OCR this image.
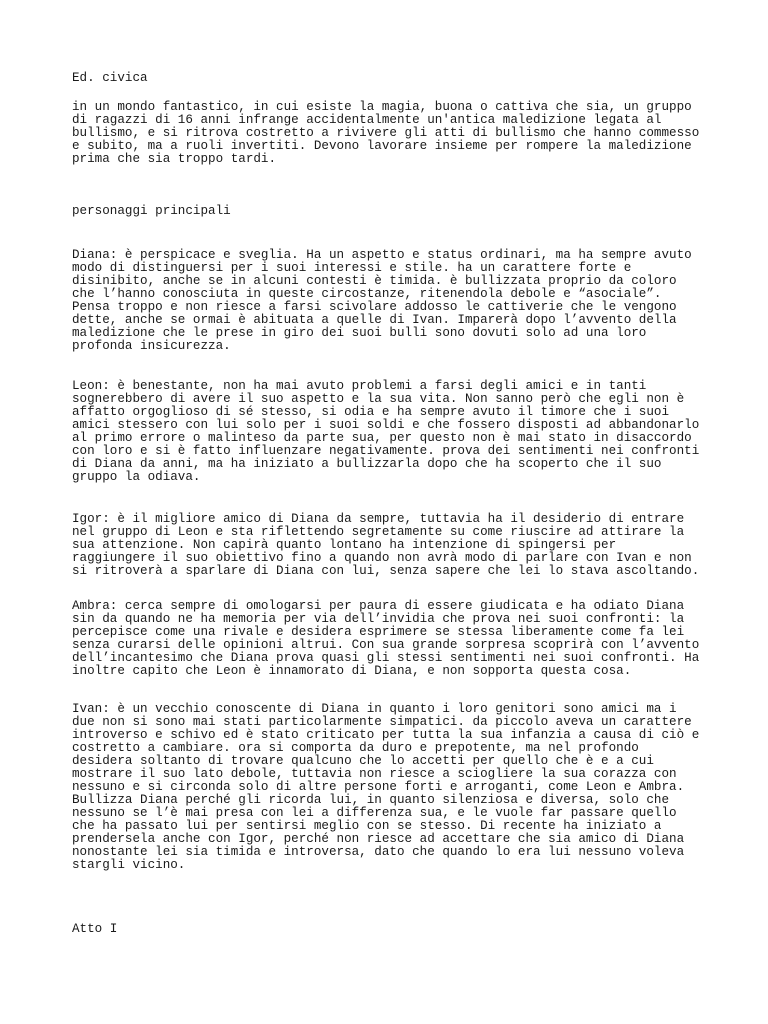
Ed. civica

in un mondo fantastico, in cui esiste la magia, buona o cattiva che sia, un gruppo
di ragazzi di 16 anni infrange accidentalmente un'antica maledizione legata al
bullismo, e si ritrova costretto a rivivere gli atti di bullismo che hanno commesso
e subito, ma a ruoli invertiti. Devono lavorare insieme per rompere la maledizione
prima che sia troppo tardi.

personaggi principali

Diana: è perspicace e sveglia. Ha un aspetto e status ordinari, ma ha sempre avuto
modo di distinguersi per i suoi interessi e stile. ha un carattere forte e
disinibito, anche se in alcuni contesti è timida. è bullizzata proprio da coloro
che l’hanno conosciuta in queste circostanze, ritenendola debole e “asociale”.
Pensa troppo e non riesce a farsi scivolare addosso le cattiverie che le vengono
dette, anche se ormai è abituata a quelle di Ivan. Imparerà dopo l’avvento della
maledizione che le prese in giro dei suoi bulli sono dovuti solo ad una loro
profonda insicurezza.

Leon: è benestante, non ha mai avuto problemi a farsi degli amici e in tanti
sognerebbero di avere il suo aspetto e la sua vita. Non sanno però che egli non è
affatto orgoglioso di sé stesso, si odia e ha sempre avuto il timore che i suoi
amici stessero con lui solo per i suoi soldi e che fossero disposti ad abbandonarlo
al primo errore o malinteso da parte sua, per questo non è mai stato in disaccordo
con loro e si è fatto influenzare negativamente. prova dei sentimenti nei confronti
di Diana da anni, ma ha iniziato a bullizzarla dopo che ha scoperto che il suo
gruppo la odiava.

Igor: è il migliore amico di Diana da sempre, tuttavia ha il desiderio di entrare
nel gruppo di Leon e sta riflettendo segretamente su come riuscire ad attirare la
sua attenzione. Non capirà quanto lontano ha intenzione di spingersi per
raggiungere il suo obiettivo fino a quando non avrà modo di parlare con Ivan e non
si ritroverà a sparlare di Diana con lui, senza sapere che lei lo stava ascoltando.

Ambra: cerca sempre di omologarsi per paura di essere giudicata e ha odiato Diana
sin da quando ne ha memoria per via dell’invidia che prova nei suoi confronti: la
percepisce come una rivale e desidera esprimere se stessa liberamente come fa lei
senza curarsi delle opinioni altrui. Con sua grande sorpresa scoprirà con l’avvento
dell’incantesimo che Diana prova quasi gli stessi sentimenti nei suoi confronti. Ha
inoltre capito che Leon è innamorato di Diana, e non sopporta questa cosa.

Ivan: è un vecchio conoscente di Diana in quanto i loro genitori sono amici ma i
due non si sono mai stati particolarmente simpatici. da piccolo aveva un carattere
introverso e schivo ed è stato criticato per tutta la sua infanzia a causa di ciò e
costretto a cambiare. ora si comporta da duro e prepotente, ma nel profondo
desidera soltanto di trovare qualcuno che lo accetti per quello che è e a cui
mostrare il suo lato debole, tuttavia non riesce a sciogliere la sua corazza con
nessuno e si circonda solo di altre persone forti e arroganti, come Leon e Ambra.
Bullizza Diana perché gli ricorda lui, in quanto silenziosa e diversa, solo che
nessuno se l’è mai presa con lei a differenza sua, e le vuole far passare quello
che ha passato lui per sentirsi meglio con se stesso. Di recente ha iniziato a
prendersela anche con Igor, perché non riesce ad accettare che sia amico di Diana
nonostante lei sia timida e introversa, dato che quando lo era lui nessuno voleva
stargli vicino.

Atto I
